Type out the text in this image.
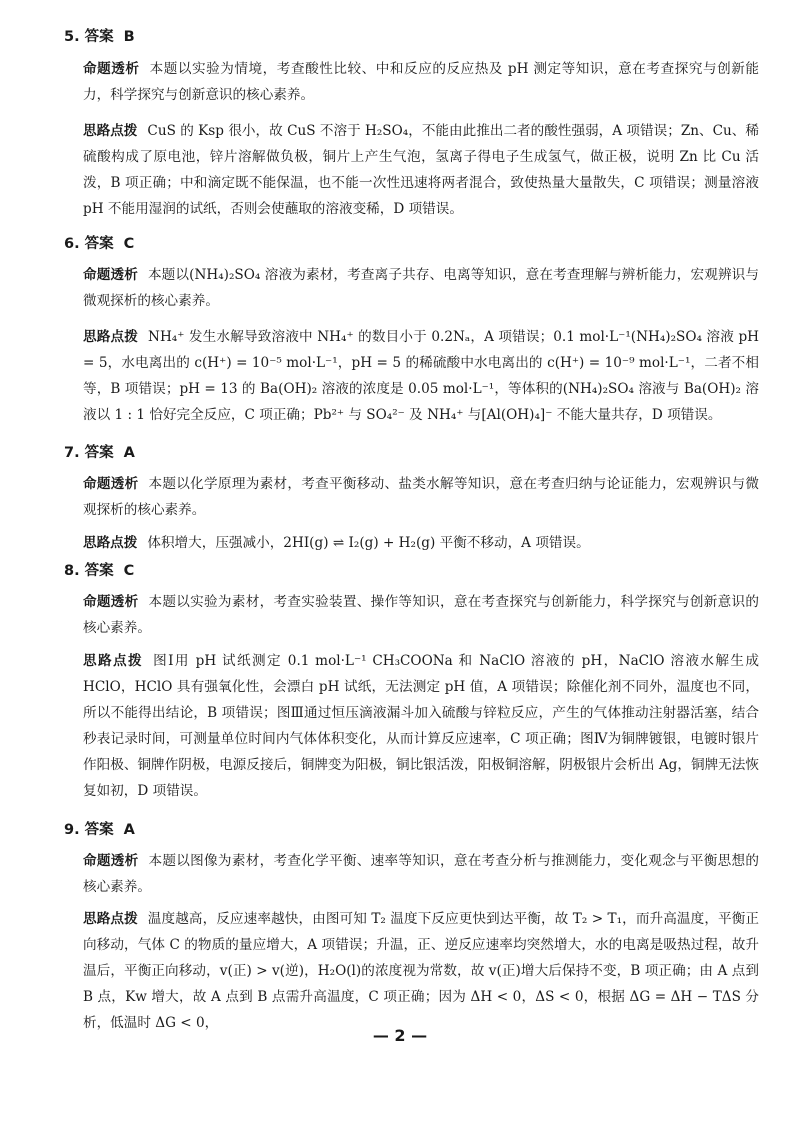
5. 答案 B
命题透析 本题以实验为情境，考查酸性比较、中和反应的反应热及 pH 测定等知识，意在考查探究与创新能力，科学探究与创新意识的核心素养。
思路点拨 CuS 的 Ksp 很小，故 CuS 不溶于 H₂SO₄，不能由此推出二者的酸性强弱，A 项错误；Zn、Cu、稀硫酸构成了原电池，锌片溶解做负极，铜片上产生气泡，氢离子得电子生成氢气，做正极，说明 Zn 比 Cu 活泼，B 项正确；中和滴定既不能保温，也不能一次性迅速将两者混合，致使热量大量散失，C 项错误；测量溶液 pH 不能用湿润的试纸，否则会使蘸取的溶液变稀，D 项错误。
6. 答案 C
命题透析 本题以(NH₄)₂SO₄ 溶液为素材，考查离子共存、电离等知识，意在考查理解与辨析能力，宏观辨识与微观探析的核心素养。
思路点拨 NH₄⁺ 发生水解导致溶液中 NH₄⁺ 的数目小于 0.2Nₐ，A 项错误；0.1 mol·L⁻¹(NH₄)₂SO₄ 溶液 pH = 5，水电离出的 c(H⁺) = 10⁻⁵ mol·L⁻¹，pH = 5 的稀硫酸中水电离出的 c(H⁺) = 10⁻⁹ mol·L⁻¹，二者不相等，B 项错误；pH = 13 的 Ba(OH)₂ 溶液的浓度是 0.05 mol·L⁻¹，等体积的(NH₄)₂SO₄ 溶液与 Ba(OH)₂ 溶液以 1 : 1 恰好完全反应，C 项正确；Pb²⁺ 与 SO₄²⁻ 及 NH₄⁺ 与[Al(OH)₄]⁻ 不能大量共存，D 项错误。
7. 答案 A
命题透析 本题以化学原理为素材，考查平衡移动、盐类水解等知识，意在考查归纳与论证能力，宏观辨识与微观探析的核心素养。
思路点拨 体积增大，压强减小，2HI(g) ⇌ I₂(g) + H₂(g) 平衡不移动，A 项错误。
8. 答案 C
命题透析 本题以实验为素材，考查实验装置、操作等知识，意在考查探究与创新能力，科学探究与创新意识的核心素养。
思路点拨 图Ⅰ用 pH 试纸测定 0.1 mol·L⁻¹ CH₃COONa 和 NaClO 溶液的 pH，NaClO 溶液水解生成 HClO，HClO 具有强氧化性，会漂白 pH 试纸，无法测定 pH 值，A 项错误；除催化剂不同外，温度也不同，所以不能得出结论，B 项错误；图Ⅲ通过恒压滴液漏斗加入硫酸与锌粒反应，产生的气体推动注射器活塞，结合秒表记录时间，可测量单位时间内气体体积变化，从而计算反应速率，C 项正确；图Ⅳ为铜牌镀银，电镀时银片作阳极、铜牌作阴极，电源反接后，铜牌变为阳极，铜比银活泼，阳极铜溶解，阴极银片会析出 Ag，铜牌无法恢复如初，D 项错误。
9. 答案 A
命题透析 本题以图像为素材，考查化学平衡、速率等知识，意在考查分析与推测能力，变化观念与平衡思想的核心素养。
思路点拨 温度越高，反应速率越快，由图可知 T₂ 温度下反应更快到达平衡，故 T₂ > T₁，而升高温度，平衡正向移动，气体 C 的物质的量应增大，A 项错误；升温，正、逆反应速率均突然增大，水的电离是吸热过程，故升温后，平衡正向移动，v(正) > v(逆)，H₂O(l)的浓度视为常数，故 v(正)增大后保持不变，B 项正确；由 A 点到 B 点，Kw 增大，故 A 点到 B 点需升高温度，C 项正确；因为 ΔH < 0，ΔS < 0，根据 ΔG = ΔH − TΔS 分析，低温时 ΔG < 0，
— 2 —
